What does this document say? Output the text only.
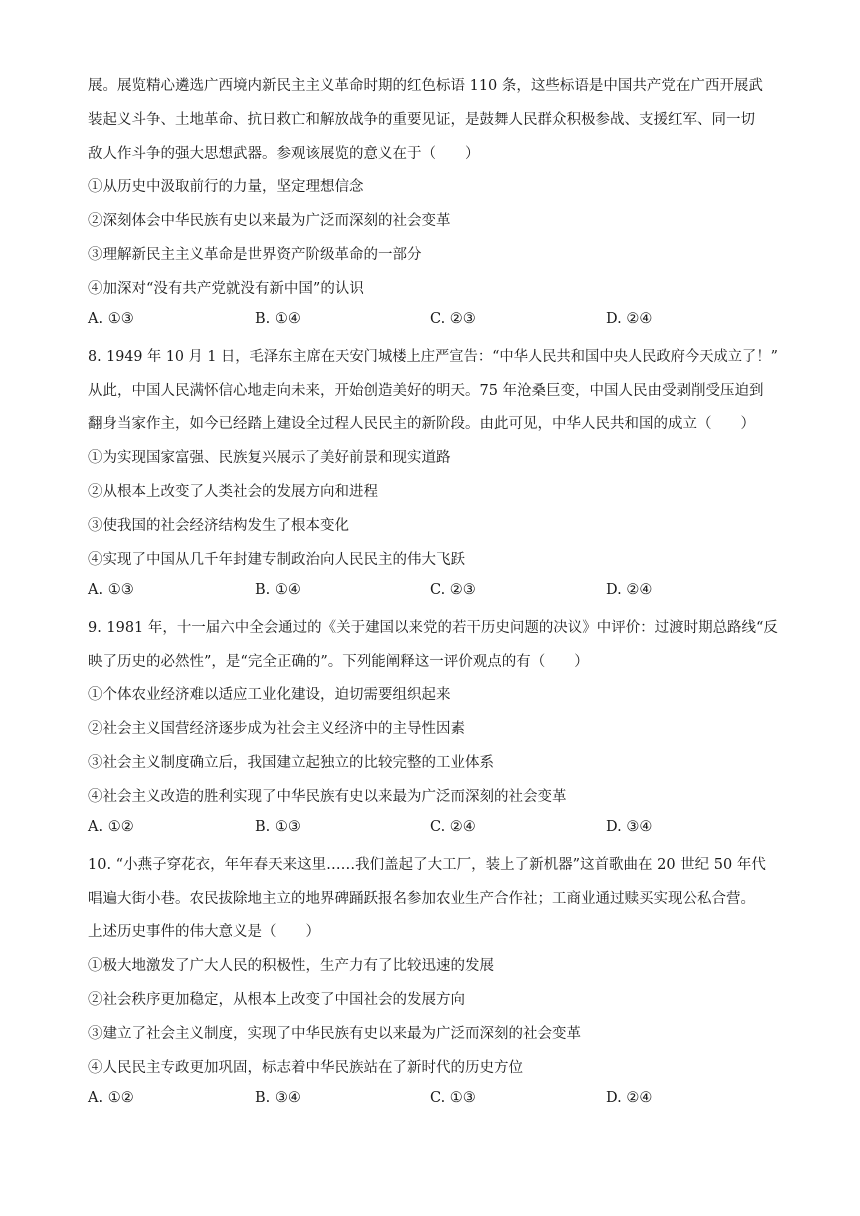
展。展览精心遴选广西境内新民主主义革命时期的红色标语 110 条，这些标语是中国共产党在广西开展武
装起义斗争、土地革命、抗日救亡和解放战争的重要见证，是鼓舞人民群众积极参战、支援红军、同一切
敌人作斗争的强大思想武器。参观该展览的意义在于（　　）
①从历史中汲取前行的力量，坚定理想信念
②深刻体会中华民族有史以来最为广泛而深刻的社会变革
③理解新民主主义革命是世界资产阶级革命的一部分
④加深对“没有共产党就没有新中国”的认识
A. ①③	B. ①④	C. ②③	D. ②④
8. 1949 年 10 月 1 日，毛泽东主席在天安门城楼上庄严宣告：“中华人民共和国中央人民政府今天成立了！”
从此，中国人民满怀信心地走向未来，开始创造美好的明天。75 年沧桑巨变，中国人民由受剥削受压迫到
翻身当家作主，如今已经踏上建设全过程人民民主的新阶段。由此可见，中华人民共和国的成立（　　）
①为实现国家富强、民族复兴展示了美好前景和现实道路
②从根本上改变了人类社会的发展方向和进程
③使我国的社会经济结构发生了根本变化
④实现了中国从几千年封建专制政治向人民民主的伟大飞跃
A. ①③	B. ①④	C. ②③	D. ②④
9. 1981 年，十一届六中全会通过的《关于建国以来党的若干历史问题的决议》中评价：过渡时期总路线“反
映了历史的必然性”，是“完全正确的”。下列能阐释这一评价观点的有（　　）
①个体农业经济难以适应工业化建设，迫切需要组织起来
②社会主义国营经济逐步成为社会主义经济中的主导性因素
③社会主义制度确立后，我国建立起独立的比较完整的工业体系
④社会主义改造的胜利实现了中华民族有史以来最为广泛而深刻的社会变革
A. ①②	B. ①③	C. ②④	D. ③④
10. “小燕子穿花衣，年年春天来这里……我们盖起了大工厂，装上了新机器”这首歌曲在 20 世纪 50 年代
唱遍大街小巷。农民拔除地主立的地界碑踊跃报名参加农业生产合作社；工商业通过赎买实现公私合营。
上述历史事件的伟大意义是（　　）
①极大地激发了广大人民的积极性，生产力有了比较迅速的发展
②社会秩序更加稳定，从根本上改变了中国社会的发展方向
③建立了社会主义制度，实现了中华民族有史以来最为广泛而深刻的社会变革
④人民民主专政更加巩固，标志着中华民族站在了新时代的历史方位
A. ①②	B. ③④	C. ①③	D. ②④
